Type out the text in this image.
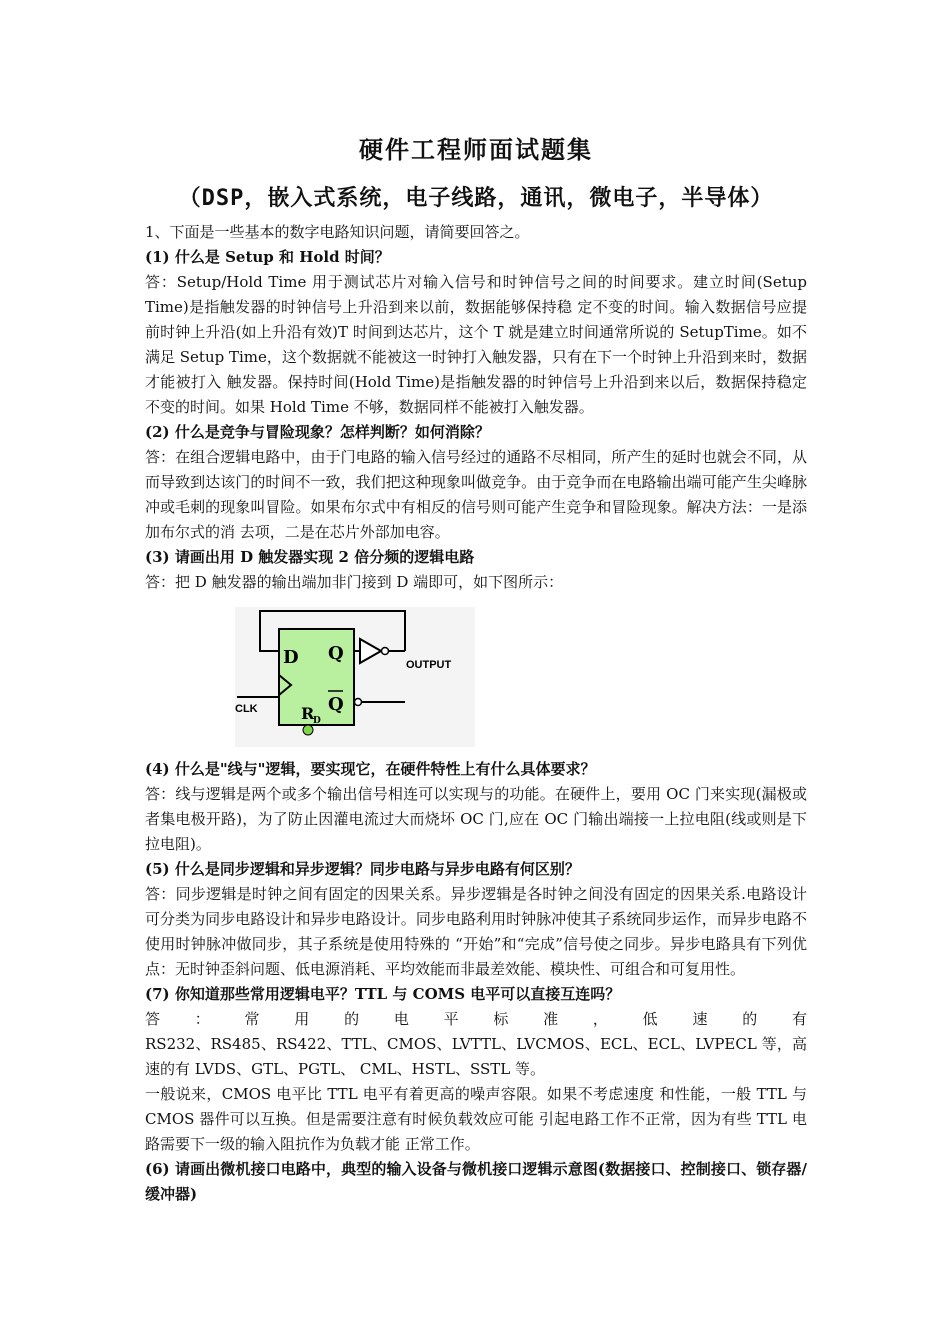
硬件工程师面试题集
（DSP，嵌入式系统，电子线路，通讯，微电子，半导体）

1、下面是一些基本的数字电路知识问题，请简要回答之。

(1) 什么是 Setup 和 Hold 时间？

答：Setup/Hold Time 用于测试芯片对输入信号和时钟信号之间的时间要求。建立时间(Setup Time)是指触发器的时钟信号上升沿到来以前，数据能够保持稳 定不变的时间。输入数据信号应提前时钟上升沿(如上升沿有效)T 时间到达芯片，这个 T 就是建立时间通常所说的 SetupTime。如不满足 Setup Time，这个数据就不能被这一时钟打入触发器，只有在下一个时钟上升沿到来时，数据才能被打入 触发器。保持时间(Hold Time)是指触发器的时钟信号上升沿到来以后，数据保持稳定不变的时间。如果 Hold Time 不够，数据同样不能被打入触发器。

(2) 什么是竞争与冒险现象？怎样判断？如何消除？

答：在组合逻辑电路中，由于门电路的输入信号经过的通路不尽相同，所产生的延时也就会不同，从而导致到达该门的时间不一致，我们把这种现象叫做竞争。由于竞争而在电路输出端可能产生尖峰脉冲或毛刺的现象叫冒险。如果布尔式中有相反的信号则可能产生竞争和冒险现象。解决方法：一是添加布尔式的消 去项，二是在芯片外部加电容。

(3) 请画出用 D 触发器实现 2 倍分频的逻辑电路

答：把 D 触发器的输出端加非门接到 D 端即可，如下图所示：

D Q
Q
R
D
CLK
OUTPUT

(4) 什么是"线与"逻辑，要实现它，在硬件特性上有什么具体要求？

答：线与逻辑是两个或多个输出信号相连可以实现与的功能。在硬件上，要用 OC 门来实现(漏极或者集电极开路)，为了防止因灌电流过大而烧坏 OC 门,应在 OC 门输出端接一上拉电阻(线或则是下拉电阻)。

(5) 什么是同步逻辑和异步逻辑？同步电路与异步电路有何区别？

答：同步逻辑是时钟之间有固定的因果关系。异步逻辑是各时钟之间没有固定的因果关系.电路设计可分类为同步电路设计和异步电路设计。同步电路利用时钟脉冲使其子系统同步运作，而异步电路不使用时钟脉冲做同步，其子系统是使用特殊的 “开始”和“完成”信号使之同步。异步电路具有下列优点：无时钟歪斜问题、低电源消耗、平均效能而非最差效能、模块性、可组合和可复用性。

(7) 你知道那些常用逻辑电平？TTL 与 COMS 电平可以直接互连吗？

答 ： 常 用 的 电 平 标 准 ， 低 速 的 有

RS232、RS485、RS422、TTL、CMOS、LVTTL、LVCMOS、ECL、ECL、LVPECL 等，高速的有 LVDS、GTL、PGTL、 CML、HSTL、SSTL 等。

一般说来，CMOS 电平比 TTL 电平有着更高的噪声容限。如果不考虑速度 和性能，一般 TTL 与 CMOS 器件可以互换。但是需要注意有时候负载效应可能 引起电路工作不正常，因为有些 TTL 电路需要下一级的输入阻抗作为负载才能 正常工作。

(6) 请画出微机接口电路中，典型的输入设备与微机接口逻辑示意图(数据接口、控制接口、锁存器/缓冲器)
